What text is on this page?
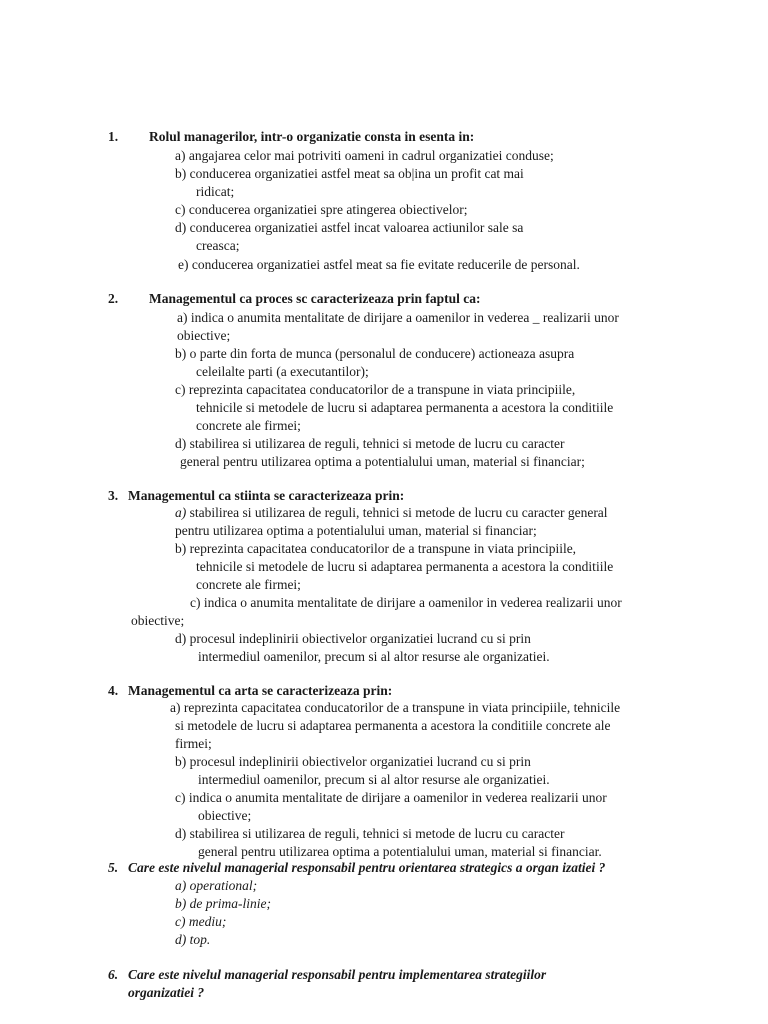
1. Rolul managerilor, intr-o organizatie consta in esenta in:
a) angajarea celor mai potriviti oameni in cadrul organizatiei conduse;
b) conducerea organizatiei astfel meat sa ob|ina un profit cat mai
ridicat;
c) conducerea organizatiei spre atingerea obiectivelor;
d) conducerea organizatiei astfel incat valoarea actiunilor sale sa
creasca;
e) conducerea organizatiei astfel meat sa fie evitate reducerile de personal.
2. Managementul ca proces sc caracterizeaza prin faptul ca:
a) indica o anumita mentalitate de dirijare a oamenilor in vederea _ realizarii unor
obiective;
b) o parte din forta de munca (personalul de conducere) actioneaza asupra
celeilalte parti (a executantilor);
c) reprezinta capacitatea conducatorilor de a transpune in viata principiile,
tehnicile si metodele de lucru si adaptarea permanenta a acestora la conditiile
concrete ale firmei;
d) stabilirea si utilizarea de reguli, tehnici si metode de lucru cu caracter
general pentru utilizarea optima a potentialului uman, material si financiar;
3. Managementul ca stiinta se caracterizeaza prin:
a) stabilirea si utilizarea de reguli, tehnici si metode de lucru cu caracter general
pentru utilizarea optima a potentialului uman, material si financiar;
b) reprezinta capacitatea conducatorilor de a transpune in viata principiile,
tehnicile si metodele de lucru si adaptarea permanenta a acestora la conditiile
concrete ale firmei;
c) indica o anumita mentalitate de dirijare a oamenilor in vederea realizarii unor
obiective;
d) procesul indeplinirii obiectivelor organizatiei lucrand cu si prin
intermediul oamenilor, precum si al altor resurse ale organizatiei.
4. Managementul ca arta se caracterizeaza prin:
a) reprezinta capacitatea conducatorilor de a transpune in viata principiile, tehnicile
si metodele de lucru si adaptarea permanenta a acestora la conditiile concrete ale
firmei;
b) procesul indeplinirii obiectivelor organizatiei lucrand cu si prin
intermediul oamenilor, precum si al altor resurse ale organizatiei.
c) indica o anumita mentalitate de dirijare a oamenilor in vederea realizarii unor
obiective;
d) stabilirea si utilizarea de reguli, tehnici si metode de lucru cu caracter
general pentru utilizarea optima a potentialului uman, material si financiar.
5. Care este nivelul managerial responsabil pentru orientarea strategics a organ izatiei ?
a) operational;
b) de prima-linie;
c) mediu;
d) top.
6. Care este nivelul managerial responsabil pentru implementarea strategiilor
organizatiei ?
